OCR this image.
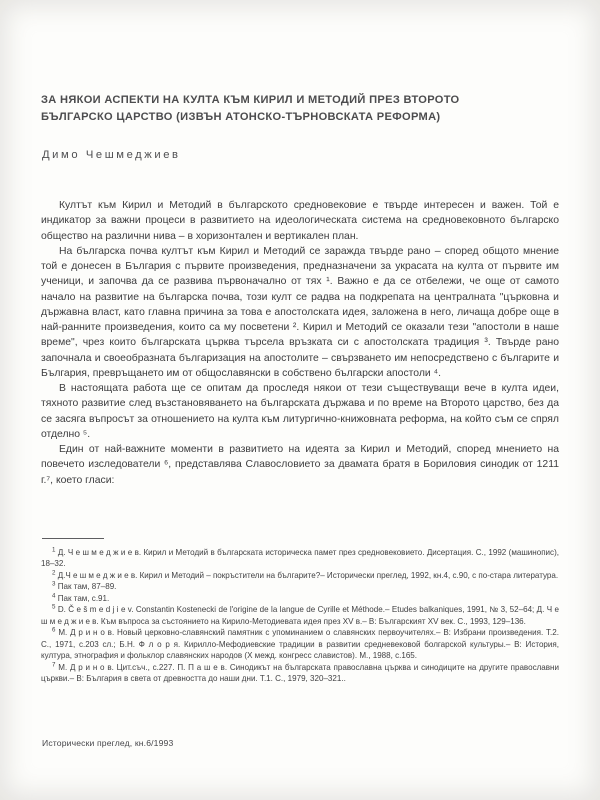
ЗА НЯКОИ АСПЕКТИ НА КУЛТА КЪМ КИРИЛ И МЕТОДИЙ ПРЕЗ ВТОРОТО
БЪЛГАРСКО ЦАРСТВО (ИЗВЪН АТОНСКО-ТЪРНОВСКАТА РЕФОРМА)
Димо Чешмеджиев

Култът към Кирил и Методий в българското средновековие е твърде интересен и важен. Той е индикатор за важни процеси в развитието на идеологическата система на средновековното българско общество на различни нива – в хоризонтален и вертикален план.

На българска почва култът към Кирил и Методий се заражда твърде рано – според общото мнение той е донесен в България с първите произведения, предназначени за украсата на култа от първите им ученици, и започва да се развива първоначално от тях ¹. Важно е да се отбележи, че още от самото начало на развитие на българска почва, този култ се радва на подкрепата на централната "църковна и държавна власт, като главна причина за това е апостолската идея, заложена в него, личаща добре още в най-ранните произведения, които са му посветени ². Кирил и Методий се оказали тези "апостоли в наше време", чрез които българската църква търсела връзката си с апостолската традиция ³. Твърде рано започнала и своеобразната българизация на апостолите – свързването им непосредствено с българите и България, превръщането им от общославянски в собствено български апостоли ⁴.

В настоящата работа ще се опитам да проследя някои от тези съществуващи вече в култа идеи, тяхното развитие след възстановяването на българската държава и по време на Второто царство, без да се засяга въпросът за отношението на култа към литургично-книжовната реформа, на който съм се спрял отделно ⁵.

Един от най-важните моменти в развитието на идеята за Кирил и Методий, според мнението на повечето изследователи ⁶, представлява Славословието за двамата братя в Бориловия синодик от 1211 г.⁷, което гласи:

$^1$ Д. Ч е ш м е д ж и е в. Кирил и Методий в българската историческа памет през средновековието. Дисертация. С., 1992 (машинопис), 18–32.

$^2$ Д.Ч е ш м е д ж и е в. Кирил и Методий – покръстители на българите?– Исторически преглед, 1992, кн.4, с.90, с по-стара литература.

$^3$ Пак там, 87–89.

$^4$ Пак там, с.91.

$^5$ D. Č e š m e d j i e v. Constantin Kostenecki de l'origine de la langue de Cyrille et Méthode.– Etudes balkaniques, 1991, № 3, 52–64; Д. Ч е ш м е д ж и е в. Към въпроса за състоянието на Кирило-Методиевата идея през XV в.– В: Българският XV век. С., 1993, 129–136.

$^6$ М. Д р и н о в. Новый церковно-славянский памятник с упоминанием о славянских первоучителях.– В: Избрани произведения. Т.2. С., 1971, с.203 сл.; Б.Н. Ф л о р я. Кирилло-Мефодиевские традиции в развитии средневековой болгарской культуры.– В: История, култура, этнография и фольклор славянских народов (X межд. конгресс славистов). М., 1988, с.165.

$^7$ М. Д р и н о в. Цит.съч., с.227. П. П а ш е в. Синодикът на българската православна църква и синодиците на другите православни църкви.– В: България в света от древността до наши дни. Т.1. С., 1979, 320–321..

Исторически преглед, кн.6/1993
